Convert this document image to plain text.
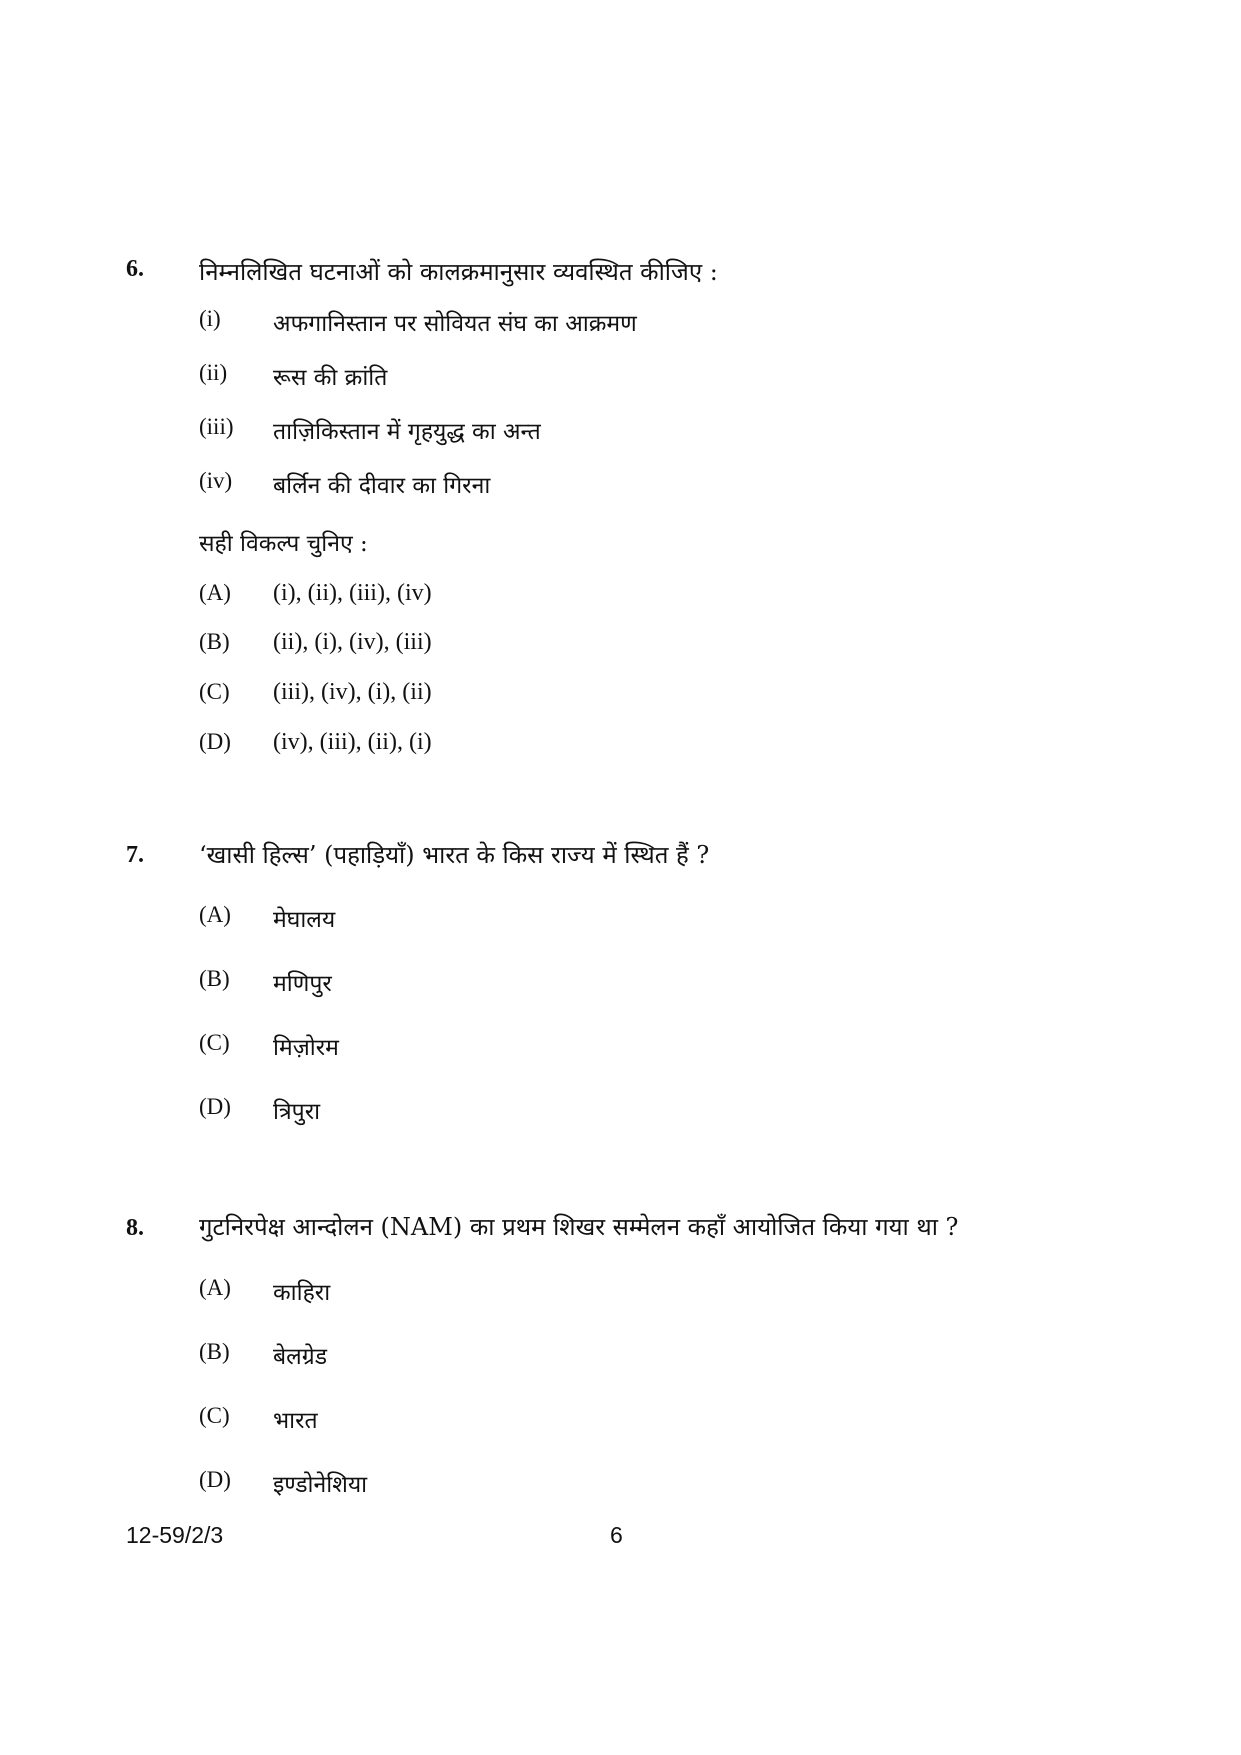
6. निम्नलिखित घटनाओं को कालक्रमानुसार व्यवस्थित कीजिए :
(i) अफगानिस्तान पर सोवियत संघ का आक्रमण
(ii) रूस की क्रांति
(iii) ताज़िकिस्तान में गृहयुद्ध का अन्त
(iv) बर्लिन की दीवार का गिरना
सही विकल्प चुनिए :
(A) (i), (ii), (iii), (iv)
(B) (ii), (i), (iv), (iii)
(C) (iii), (iv), (i), (ii)
(D) (iv), (iii), (ii), (i)
7. ‘खासी हिल्स’ (पहाड़ियाँ) भारत के किस राज्य में स्थित हैं ?
(A) मेघालय
(B) मणिपुर
(C) मिज़ोरम
(D) त्रिपुरा
8. गुटनिरपेक्ष आन्दोलन (NAM) का प्रथम शिखर सम्मेलन कहाँ आयोजित किया गया था ?
(A) काहिरा
(B) बेलग्रेड
(C) भारत
(D) इण्डोनेशिया
12-59/2/3	6
